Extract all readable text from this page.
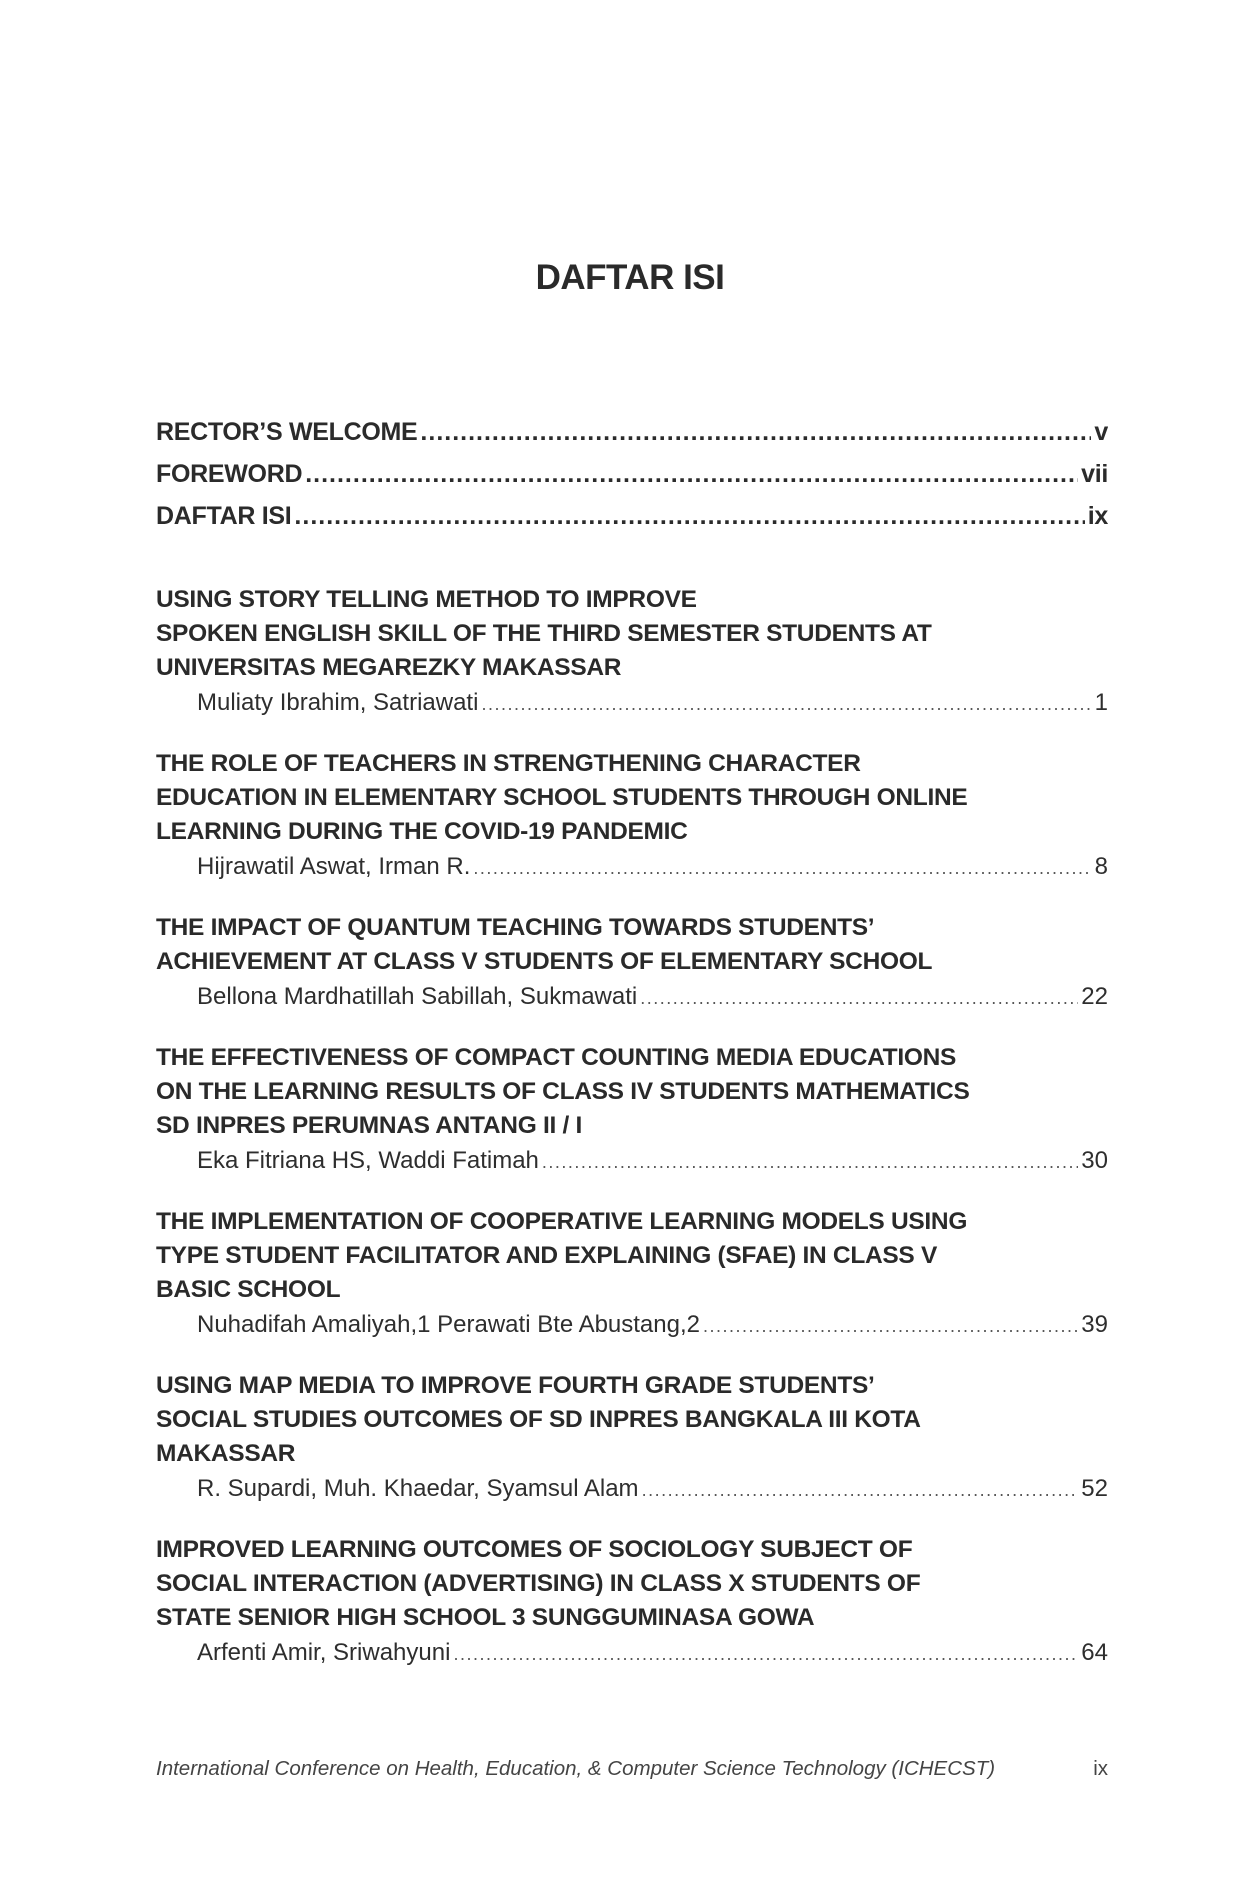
DAFTAR ISI
RECTOR’S WELCOME .....	v
FOREWORD .....	vii
DAFTAR ISI .....	ix
USING STORY TELLING METHOD TO IMPROVE
SPOKEN ENGLISH SKILL OF THE THIRD SEMESTER STUDENTS AT
UNIVERSITAS MEGAREZKY MAKASSAR
Muliaty Ibrahim, Satriawati .....	1
THE ROLE OF TEACHERS IN STRENGTHENING CHARACTER
EDUCATION IN ELEMENTARY SCHOOL STUDENTS THROUGH ONLINE
LEARNING DURING THE COVID-19 PANDEMIC
Hijrawatil Aswat, Irman R. .....	8
THE IMPACT OF QUANTUM TEACHING TOWARDS STUDENTS’
ACHIEVEMENT AT CLASS V STUDENTS OF ELEMENTARY SCHOOL
Bellona Mardhatillah Sabillah, Sukmawati .....	22
THE EFFECTIVENESS OF COMPACT COUNTING MEDIA EDUCATIONS
ON THE LEARNING RESULTS OF CLASS IV STUDENTS MATHEMATICS
SD INPRES PERUMNAS ANTANG II / I
Eka Fitriana HS, Waddi Fatimah .....	30
THE IMPLEMENTATION OF COOPERATIVE LEARNING MODELS USING
TYPE STUDENT FACILITATOR AND EXPLAINING (SFAE) IN CLASS V
BASIC SCHOOL
Nuhadifah Amaliyah,1 Perawati Bte Abustang,2 .....	39
USING MAP MEDIA TO IMPROVE FOURTH GRADE STUDENTS’
SOCIAL STUDIES OUTCOMES OF SD INPRES BANGKALA III KOTA
MAKASSAR
R. Supardi, Muh. Khaedar, Syamsul Alam .....	52
IMPROVED LEARNING OUTCOMES OF SOCIOLOGY SUBJECT OF
SOCIAL INTERACTION (ADVERTISING) IN CLASS X STUDENTS OF
STATE SENIOR HIGH SCHOOL 3 SUNGGUMINASA GOWA
Arfenti Amir, Sriwahyuni .....	64
International Conference on Health, Education, & Computer Science Technology (ICHECST)	ix
